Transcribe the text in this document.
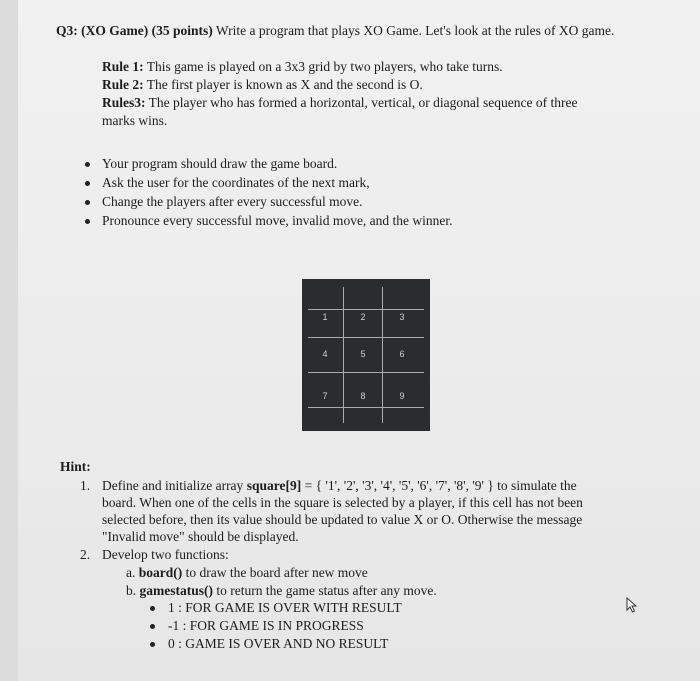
Q3: (XO Game) (35 points) Write a program that plays XO Game. Let's look at the rules of XO game.
Rule 1: This game is played on a 3x3 grid by two players, who take turns.
Rule 2: The first player is known as X and the second is O.
Rules3: The player who has formed a horizontal, vertical, or diagonal sequence of three
marks wins.
Your program should draw the game board.
Ask the user for the coordinates of the next mark,
Change the players after every successful move.
Pronounce every successful move, invalid move, and the winner.
1	2	3
4	5	6
7	8	9
Hint:
1. Define and initialize array square[9] = { '1', '2', '3', '4', '5', '6', '7', '8', '9' } to simulate the
board. When one of the cells in the square is selected by a player, if this cell has not been
selected before, then its value should be updated to value X or O. Otherwise the message
"Invalid move" should be displayed.
2. Develop two functions:
a. board() to draw the board after new move
b. gamestatus() to return the game status after any move.
1 : FOR GAME IS OVER WITH RESULT
-1 : FOR GAME IS IN PROGRESS
0 : GAME IS OVER AND NO RESULT
